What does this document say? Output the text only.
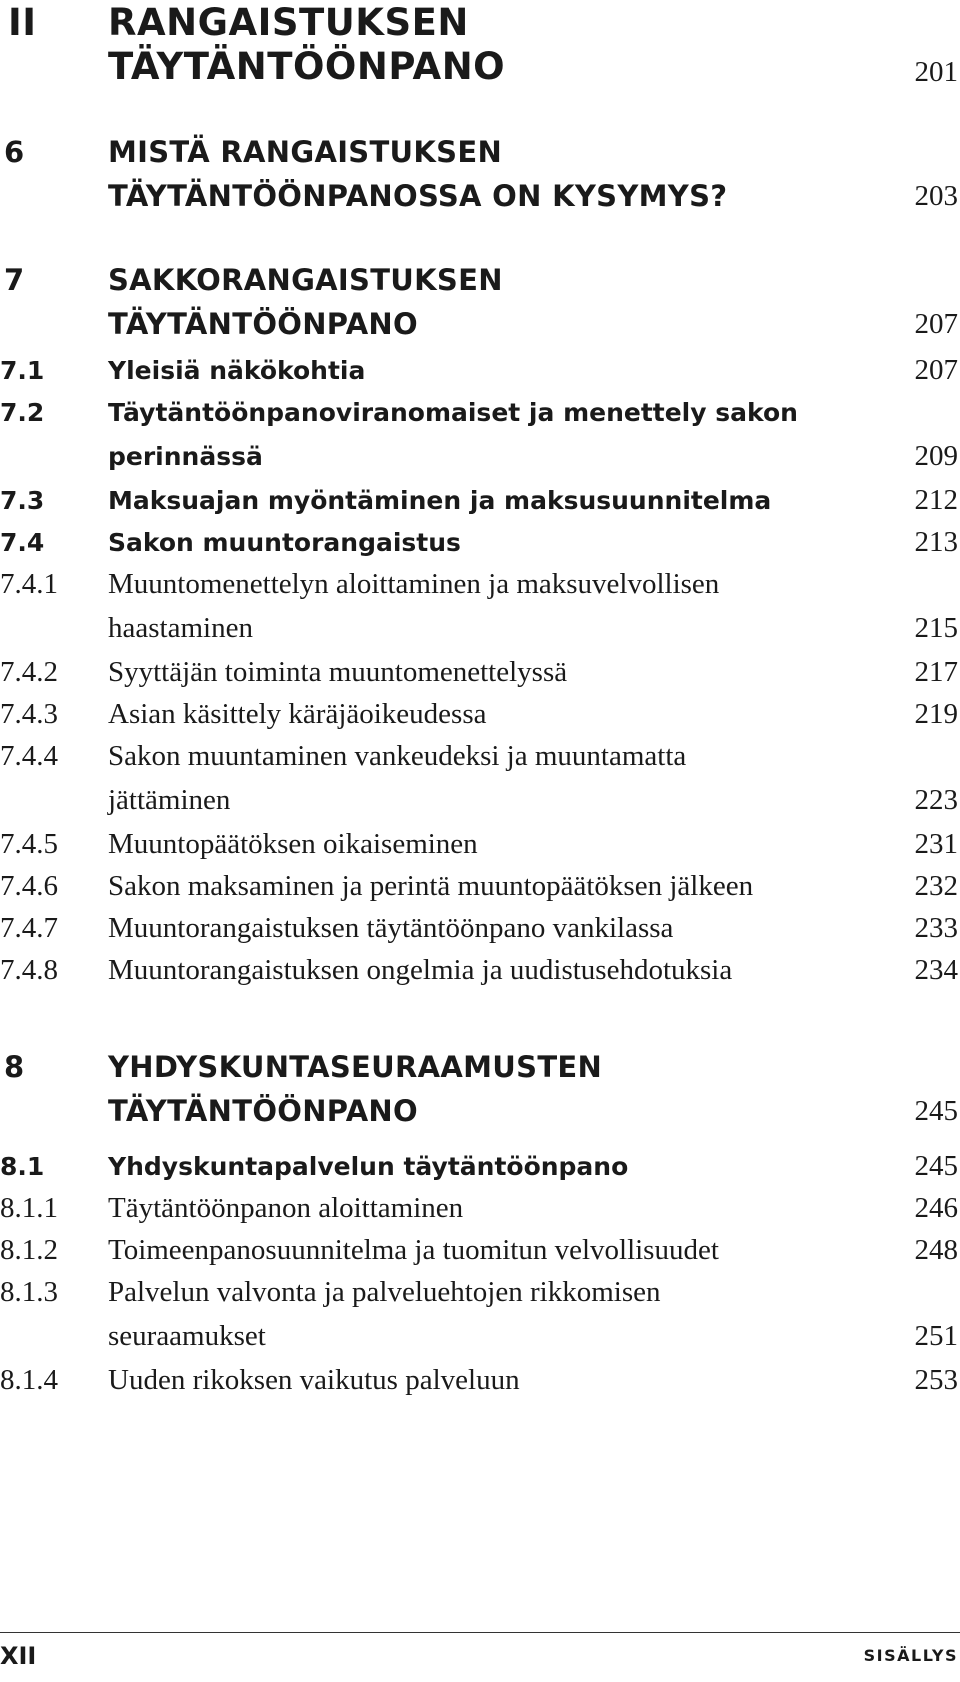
II RANGAISTUKSEN
TÄYTÄNTÖÖNPANO	201
6	MISTÄ RANGAISTUKSEN
TÄYTÄNTÖÖNPANOSSA ON KYSYMYS?	203
7	SAKKORANGAISTUKSEN
TÄYTÄNTÖÖNPANO	207
7.1	Yleisiä näkökohtia	207
7.2	Täytäntöönpanoviranomaiset ja menettely sakon
perinnässä	209
7.3	Maksuajan myöntäminen ja maksusuunnitelma	212
7.4	Sakon muuntorangaistus	213
7.4.1 Muuntomenettelyn aloittaminen ja maksuvelvollisen
haastaminen	215
7.4.2 Syyttäjän toiminta muuntomenettelyssä	217
7.4.3 Asian käsittely käräjäoikeudessa	219
7.4.4 Sakon muuntaminen vankeudeksi ja muuntamatta
jättäminen	223
7.4.5 Muuntopäätöksen oikaiseminen	231
7.4.6 Sakon maksaminen ja perintä muuntopäätöksen jälkeen	232
7.4.7 Muuntorangaistuksen täytäntöönpano vankilassa	233
7.4.8 Muuntorangaistuksen ongelmia ja uudistusehdotuksia	234
8	YHDYSKUNTASEURAAMUSTEN
TÄYTÄNTÖÖNPANO	245
8.1	Yhdyskuntapalvelun täytäntöönpano	245
8.1.1 Täytäntöönpanon aloittaminen	246
8.1.2 Toimeenpanosuunnitelma ja tuomitun velvollisuudet	248
8.1.3 Palvelun valvonta ja palveluehtojen rikkomisen
seuraamukset	251
8.1.4 Uuden rikoksen vaikutus palveluun	253
XII	SISÄLLYS
